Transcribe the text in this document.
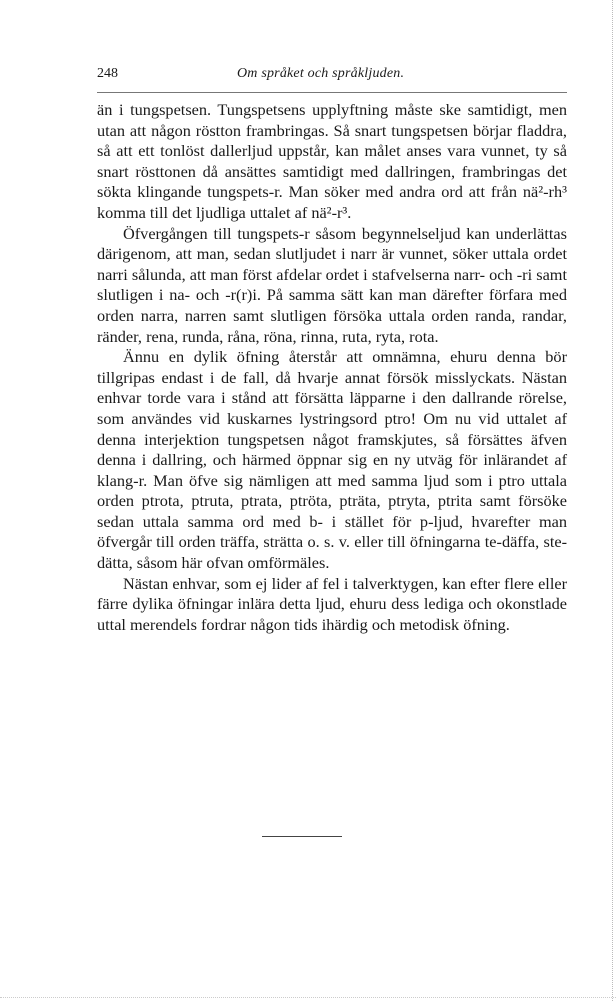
248	Om språket och språkljuden.

än i tungspetsen. Tungspetsens upplyftning måste ske samtidigt, men utan att någon röstton frambringas. Så snart tungspetsen börjar fladdra, så att ett tonlöst dallerljud uppstår, kan målet anses vara vunnet, ty så snart rösttonen då ansättes samtidigt med dallringen, frambringas det sökta klingande tungspets-r. Man söker med andra ord att från nä²-rh³ komma till det ljudliga uttalet af nä²-r³.

Öfvergången till tungspets-r såsom begynnelseljud kan underlättas därigenom, att man, sedan slutljudet i narr är vunnet, söker uttala ordet narri sålunda, att man först afdelar ordet i stafvelserna narr- och -ri samt slutligen i na- och -r(r)i. På samma sätt kan man därefter förfara med orden narra, narren samt slutligen försöka uttala orden randa, randar, ränder, rena, runda, råna, röna, rinna, ruta, ryta, rota.

Ännu en dylik öfning återstår att omnämna, ehuru denna bör tillgripas endast i de fall, då hvarje annat försök misslyckats. Nästan enhvar torde vara i stånd att försätta läpparne i den dallrande rörelse, som användes vid kuskarnes lystringsord ptro! Om nu vid uttalet af denna interjektion tungspetsen något framskjutes, så försättes äfven denna i dallring, och härmed öppnar sig en ny utväg för inlärandet af klang-r. Man öfve sig nämligen att med samma ljud som i ptro uttala orden ptrota, ptruta, ptrata, ptröta, pträta, ptryta, ptrita samt försöke sedan uttala samma ord med b- i stället för p-ljud, hvarefter man öfvergår till orden träffa, strätta o. s. v. eller till öfningarna te-däffa, ste-dätta, såsom här ofvan omförmäles.

Nästan enhvar, som ej lider af fel i talverktygen, kan efter flere eller färre dylika öfningar inlära detta ljud, ehuru dess lediga och okonstlade uttal merendels fordrar någon tids ihärdig och metodisk öfning.
